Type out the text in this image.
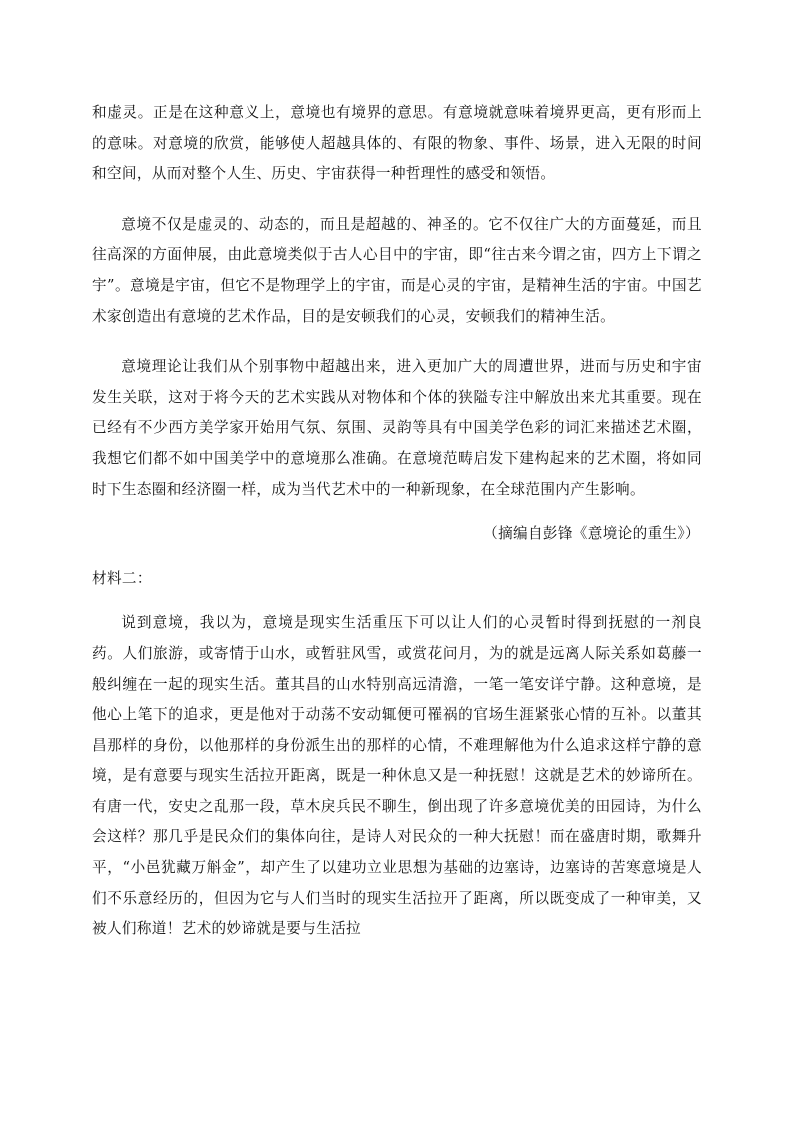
和虚灵。正是在这种意义上，意境也有境界的意思。有意境就意味着境界更高，更有形而上的意味。对意境的欣赏，能够使人超越具体的、有限的物象、事件、场景，进入无限的时间和空间，从而对整个人生、历史、宇宙获得一种哲理性的感受和领悟。

意境不仅是虚灵的、动态的，而且是超越的、神圣的。它不仅往广大的方面蔓延，而且往高深的方面伸展，由此意境类似于古人心目中的宇宙，即“往古来今谓之宙，四方上下谓之宇”。意境是宇宙，但它不是物理学上的宇宙，而是心灵的宇宙，是精神生活的宇宙。中国艺术家创造出有意境的艺术作品，目的是安顿我们的心灵，安顿我们的精神生活。

意境理论让我们从个别事物中超越出来，进入更加广大的周遭世界，进而与历史和宇宙发生关联，这对于将今天的艺术实践从对物体和个体的狭隘专注中解放出来尤其重要。现在已经有不少西方美学家开始用气氛、氛围、灵韵等具有中国美学色彩的词汇来描述艺术圈，我想它们都不如中国美学中的意境那么准确。在意境范畴启发下建构起来的艺术圈，将如同时下生态圈和经济圈一样，成为当代艺术中的一种新现象，在全球范围内产生影响。

（摘编自彭锋《意境论的重生》）

材料二：

说到意境，我以为，意境是现实生活重压下可以让人们的心灵暂时得到抚慰的一剂良药。人们旅游，或寄情于山水，或暂驻风雪，或赏花问月，为的就是远离人际关系如葛藤一般纠缠在一起的现实生活。董其昌的山水特别高远清澹，一笔一笔安详宁静。这种意境，是他心上笔下的追求，更是他对于动荡不安动辄便可罹祸的官场生涯紧张心情的互补。以董其昌那样的身份，以他那样的身份派生出的那样的心情，不难理解他为什么追求这样宁静的意境，是有意要与现实生活拉开距离，既是一种休息又是一种抚慰！这就是艺术的妙谛所在。有唐一代，安史之乱那一段，草木戾兵民不聊生，倒出现了许多意境优美的田园诗，为什么会这样？那几乎是民众们的集体向往，是诗人对民众的一种大抚慰！而在盛唐时期，歌舞升平，“小邑犹藏万斛金”，却产生了以建功立业思想为基础的边塞诗，边塞诗的苦寒意境是人们不乐意经历的，但因为它与人们当时的现实生活拉开了距离，所以既变成了一种审美，又被人们称道！艺术的妙谛就是要与生活拉
